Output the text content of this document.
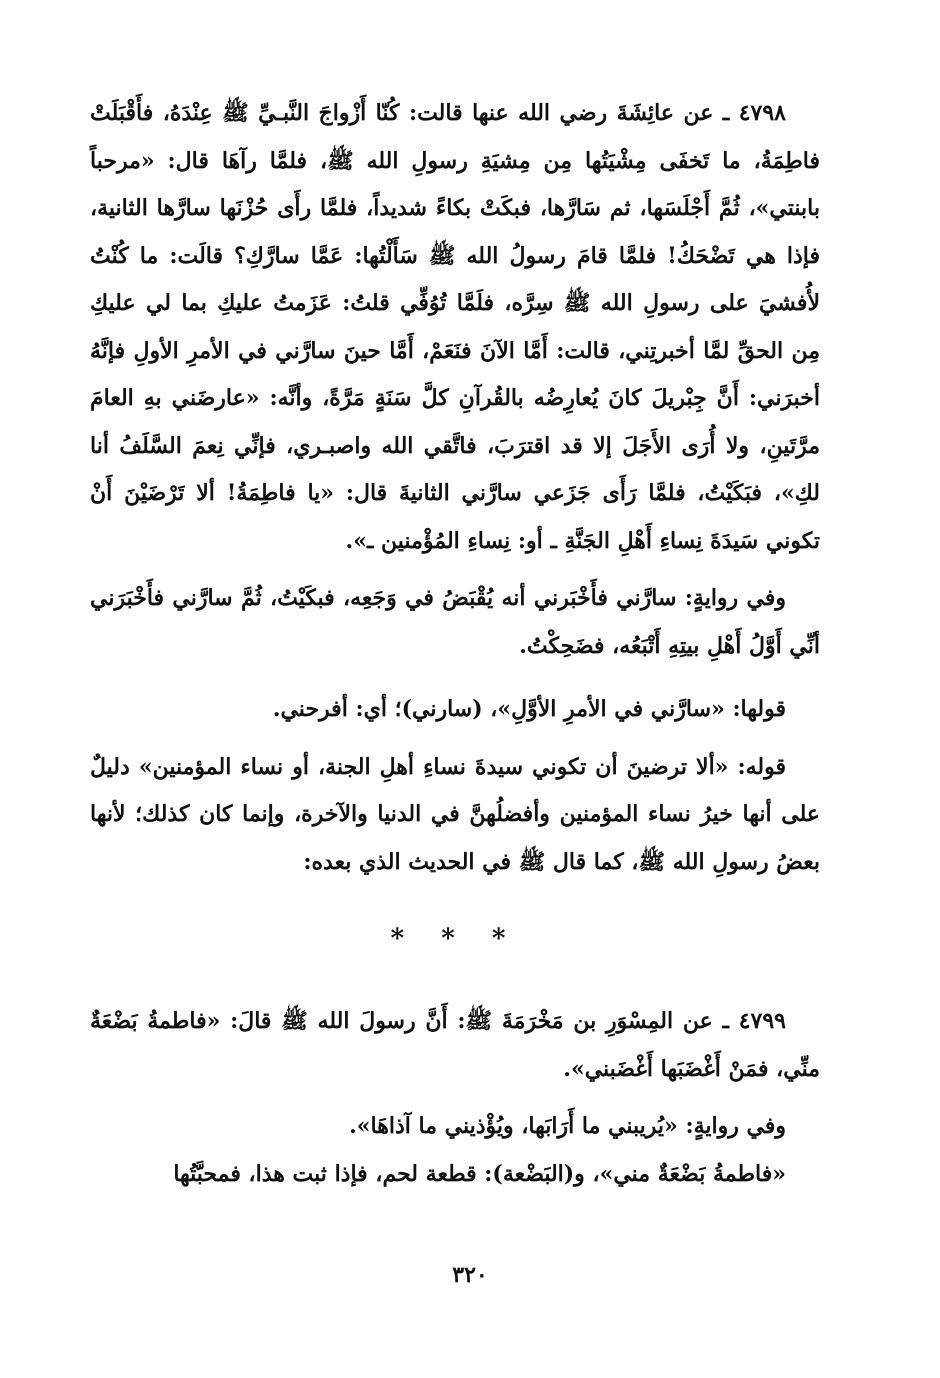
٤٧٩٨ ـ عن عائِشَةَ رضي الله عنها قالت: كُنّا أَزْواجَ النَّبـيِّ ﷺ عِنْدَهُ، فأَقْبَلَتْ فاطِمَةُ، ما تَخفَى مِشْيَتُها مِن مِشيَةِ رسولِ الله ﷺ، فلمَّا رآهَا قال: «مرحباً بابنتي»، ثُمَّ أَجْلَسَها، ثم سَارَّها، فبكَتْ بكاءً شديداً، فلمَّا رأَى حُزْنَها سارَّها الثانية، فإذا هي تَضْحَكُ! فلمَّا قامَ رسولُ الله ﷺ سَأَلْتُها: عَمَّا سارَّكِ؟ قالَت: ما كُنْتُ لأُفشيَ على رسولِ الله ﷺ سِرَّه، فلَمَّا تُوُفِّي قلتُ: عَزَمتُ عليكِ بما لي عليكِ مِن الحقِّ لمَّا أخبرتِني، قالت: أَمَّا الآنَ فنَعَمْ، أَمَّا حينَ سارَّني في الأمرِ الأولِ فإنَّهُ أخبرَني: أَنَّ جِبْريلَ كانَ يُعارِضُه بالقُرآنِ كلَّ سَنَةٍ مَرَّةً، وأنَّه: «عارضَني بهِ العامَ مرَّتَينِ، ولا أُرَى الأَجَلَ إلا قد اقترَبَ، فاتَّقي الله واصبـري، فإنِّي نِعمَ السَّلَفُ أنا لكِ»، فبَكَيْتُ، فلمَّا رَأَى جَزَعي سارَّني الثانيةَ قال: «يا فاطِمَةُ! ألا تَرْضَيْنَ أَنْ تكوني سَيدَةَ نِساءِ أَهْلِ الجَنَّةِ ـ أو: نِساءِ المُؤْمنين ـ».

وفي روايةٍ: سارَّني فأَخْبَرني أنه يُقْبَضُ في وَجَعِه، فبكَيْتُ، ثُمَّ سارَّني فأَخْبَرَني أنِّي أَوَّلُ أَهْلِ بيتِهِ أَتْبَعُه، فضَحِكْتُ.

قولها: «سارَّني في الأمرِ الأوَّلِ»، (سارني)؛ أي: أفرحني.

قوله: «ألا ترضينَ أن تكوني سيدةَ نساءِ أهلِ الجنة، أو نساء المؤمنين» دليلٌ على أنها خيرُ نساء المؤمنين وأفضلُهنَّ في الدنيا والآخرة، وإنما كان كذلك؛ لأنها بعضُ رسولِ الله ﷺ، كما قال ﷺ في الحديث الذي بعده:

* * *

٤٧٩٩ ـ عن المِسْوَرِ بن مَخْرَمَةَ ﷺ: أَنَّ رسولَ الله ﷺ قالَ: «فاطمةُ بَضْعَةٌ منِّي، فمَنْ أَغْضَبَها أَغْضَبني».

وفي روايةٍ: «يُريبني ما أَرَابَها، ويُؤْذيني ما آذاهَا».

«فاطمةُ بَضْعَةٌ مني»، و(البَضْعة): قطعة لحم، فإذا ثبت هذا، فمحبَّتُها

٣٢٠
